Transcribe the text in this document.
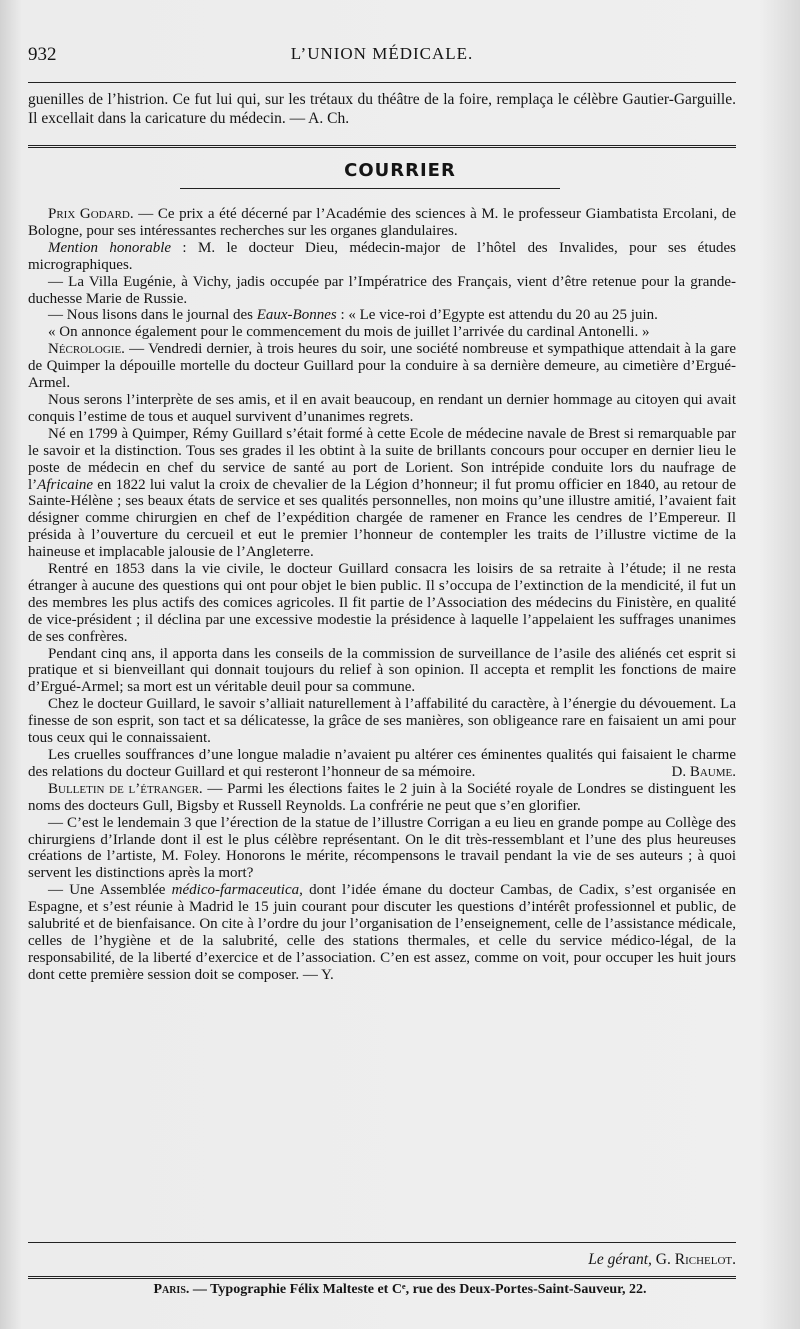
932	L’UNION MÉDICALE.
guenilles de l’histrion. Ce fut lui qui, sur les trétaux du théâtre de la foire, remplaça le célèbre Gautier-Garguille. Il excellait dans la caricature du médecin. — A. Ch.
COURRIER

Prix Godard. — Ce prix a été décerné par l’Académie des sciences à M. le professeur Giambatista Ercolani, de Bologne, pour ses intéressantes recherches sur les organes glandulaires.

Mention honorable : M. le docteur Dieu, médecin-major de l’hôtel des Invalides, pour ses études micrographiques.

— La Villa Eugénie, à Vichy, jadis occupée par l’Impératrice des Français, vient d’être retenue pour la grande-duchesse Marie de Russie.

— Nous lisons dans le journal des Eaux-Bonnes : « Le vice-roi d’Egypte est attendu du 20 au 25 juin.

« On annonce également pour le commencement du mois de juillet l’arrivée du cardinal Antonelli. »

Nécrologie. — Vendredi dernier, à trois heures du soir, une société nombreuse et sympathique attendait à la gare de Quimper la dépouille mortelle du docteur Guillard pour la conduire à sa dernière demeure, au cimetière d’Ergué-Armel.

Nous serons l’interprète de ses amis, et il en avait beaucoup, en rendant un dernier hommage au citoyen qui avait conquis l’estime de tous et auquel survivent d’unanimes regrets.

Né en 1799 à Quimper, Rémy Guillard s’était formé à cette Ecole de médecine navale de Brest si remarquable par le savoir et la distinction. Tous ses grades il les obtint à la suite de brillants concours pour occuper en dernier lieu le poste de médecin en chef du service de santé au port de Lorient. Son intrépide conduite lors du naufrage de l’Africaine en 1822 lui valut la croix de chevalier de la Légion d’honneur; il fut promu officier en 1840, au retour de Sainte-Hélène ; ses beaux états de service et ses qualités personnelles, non moins qu’une illustre amitié, l’avaient fait désigner comme chirurgien en chef de l’expédition chargée de ramener en France les cendres de l’Empereur. Il présida à l’ouverture du cercueil et eut le premier l’honneur de contempler les traits de l’illustre victime de la haineuse et implacable jalousie de l’Angleterre.

Rentré en 1853 dans la vie civile, le docteur Guillard consacra les loisirs de sa retraite à l’étude; il ne resta étranger à aucune des questions qui ont pour objet le bien public. Il s’occupa de l’extinction de la mendicité, il fut un des membres les plus actifs des comices agricoles. Il fit partie de l’Association des médecins du Finistère, en qualité de vice-président ; il déclina par une excessive modestie la présidence à laquelle l’appelaient les suffrages unanimes de ses confrères.

Pendant cinq ans, il apporta dans les conseils de la commission de surveillance de l’asile des aliénés cet esprit si pratique et si bienveillant qui donnait toujours du relief à son opinion. Il accepta et remplit les fonctions de maire d’Ergué-Armel; sa mort est un véritable deuil pour sa commune.

Chez le docteur Guillard, le savoir s’alliait naturellement à l’affabilité du caractère, à l’énergie du dévouement. La finesse de son esprit, son tact et sa délicatesse, la grâce de ses manières, son obligeance rare en faisaient un ami pour tous ceux qui le connaissaient.

Les cruelles souffrances d’une longue maladie n’avaient pu altérer ces éminentes qualités qui faisaient le charme des relations du docteur Guillard et qui resteront l’honneur de sa mémoire.	D. Baume.

Bulletin de l’étranger. — Parmi les élections faites le 2 juin à la Société royale de Londres se distinguent les noms des docteurs Gull, Bigsby et Russell Reynolds. La confrérie ne peut que s’en glorifier.

— C’est le lendemain 3 que l’érection de la statue de l’illustre Corrigan a eu lieu en grande pompe au Collège des chirurgiens d’Irlande dont il est le plus célèbre représentant. On le dit très-ressemblant et l’une des plus heureuses créations de l’artiste, M. Foley. Honorons le mérite, récompensons le travail pendant la vie de ses auteurs ; à quoi servent les distinctions après la mort?

— Une Assemblée médico-farmaceutica, dont l’idée émane du docteur Cambas, de Cadix, s’est organisée en Espagne, et s’est réunie à Madrid le 15 juin courant pour discuter les questions d’intérêt professionnel et public, de salubrité et de bienfaisance. On cite à l’ordre du jour l’organisation de l’enseignement, celle de l’assistance médicale, celles de l’hygiène et de la salubrité, celle des stations thermales, et celle du service médico-légal, de la responsabilité, de la liberté d’exercice et de l’association. C’en est assez, comme on voit, pour occuper les huit jours dont cette première session doit se composer. — Y.

Le gérant, G. Richelot.
Paris. — Typographie Félix Malteste et Cᵉ, rue des Deux-Portes-Saint-Sauveur, 22.
